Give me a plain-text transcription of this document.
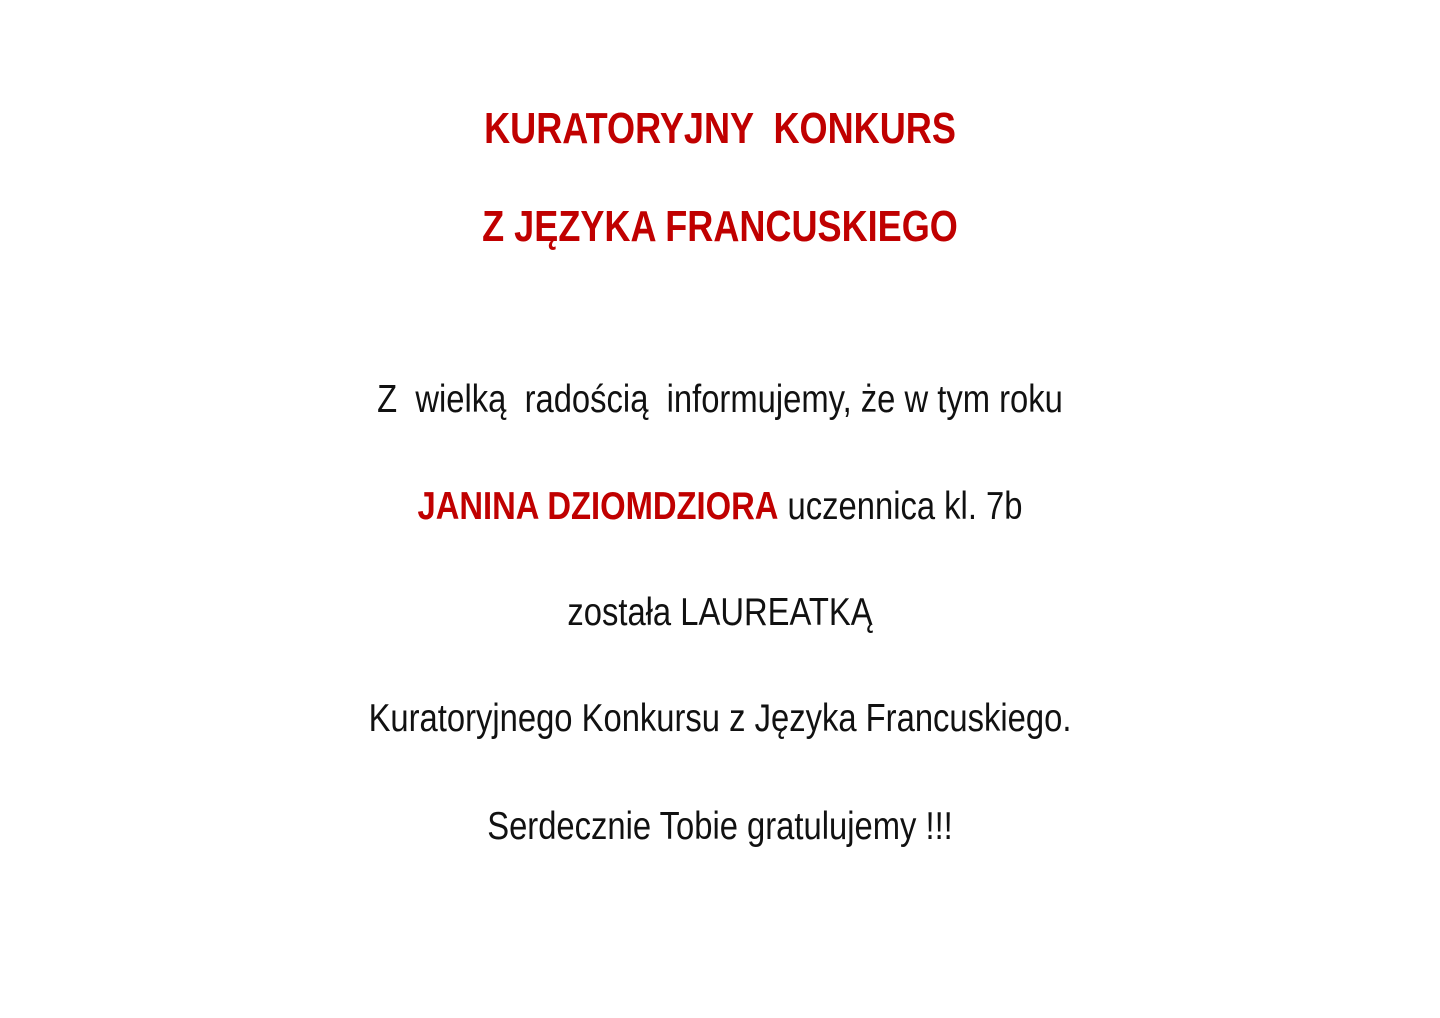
KURATORYJNY  KONKURS
Z JĘZYKA FRANCUSKIEGO
Z  wielką  radością  informujemy, że w tym roku
JANINA DZIOMDZIORA uczennica kl. 7b
została LAUREATKĄ
Kuratoryjnego Konkursu z Języka Francuskiego.
Serdecznie Tobie gratulujemy !!!
